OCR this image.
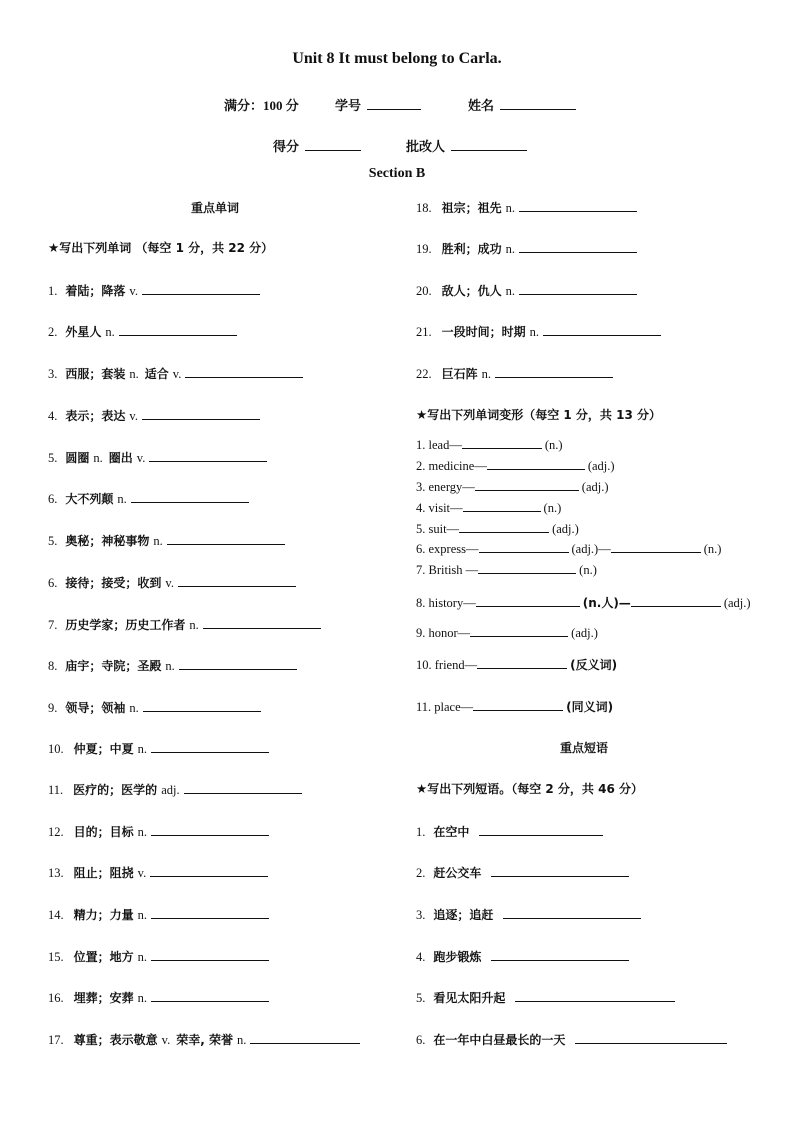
Unit 8 It must belong to Carla.
满分：100 分	学号	姓名
得分	批改人
Section B
重点单词
★写出下列单词 （每空 1 分，共 22 分）
1. 着陆；降落 v.
2. 外星人 n.
3. 西服；套装 n. 适合 v.
4. 表示；表达 v.
5. 圆圈 n. 圈出 v.
6. 大不列颠 n.
5. 奥秘；神秘事物 n.
6. 接待；接受；收到 v.
7. 历史学家；历史工作者 n.
8. 庙宇；寺院；圣殿 n.
9. 领导；领袖 n.
10. 仲夏；中夏 n.
11. 医疗的；医学的 adj.
12. 目的；目标 n.
13. 阻止；阻挠 v.
14. 精力；力量 n.
15. 位置；地方 n.
16. 埋葬；安葬 n.
17. 尊重；表示敬意 v. 荣幸, 荣誉 n.
18. 祖宗；祖先 n.
19. 胜利；成功 n.
20. 敌人；仇人 n.
21. 一段时间；时期 n.
22. 巨石阵 n.
★写出下列单词变形（每空 1 分，共 13 分）
1. lead—	(n.)
2. medicine—	(adj.)
3. energy—	(adj.)
4. visit—	(n.)
5. suit—	(adj.)
6. express—	(adj.)—	(n.)
7. British —	(n.)
8. history—	(n.人)—	(adj.)
9. honor—	(adj.)
10. friend—	(反义词)
11. place—	(同义词)
重点短语
★写出下列短语。（每空 2 分，共 46 分）
1. 在空中
2. 赶公交车
3. 追逐；追赶
4. 跑步锻炼
5. 看见太阳升起
6. 在一年中白昼最长的一天
